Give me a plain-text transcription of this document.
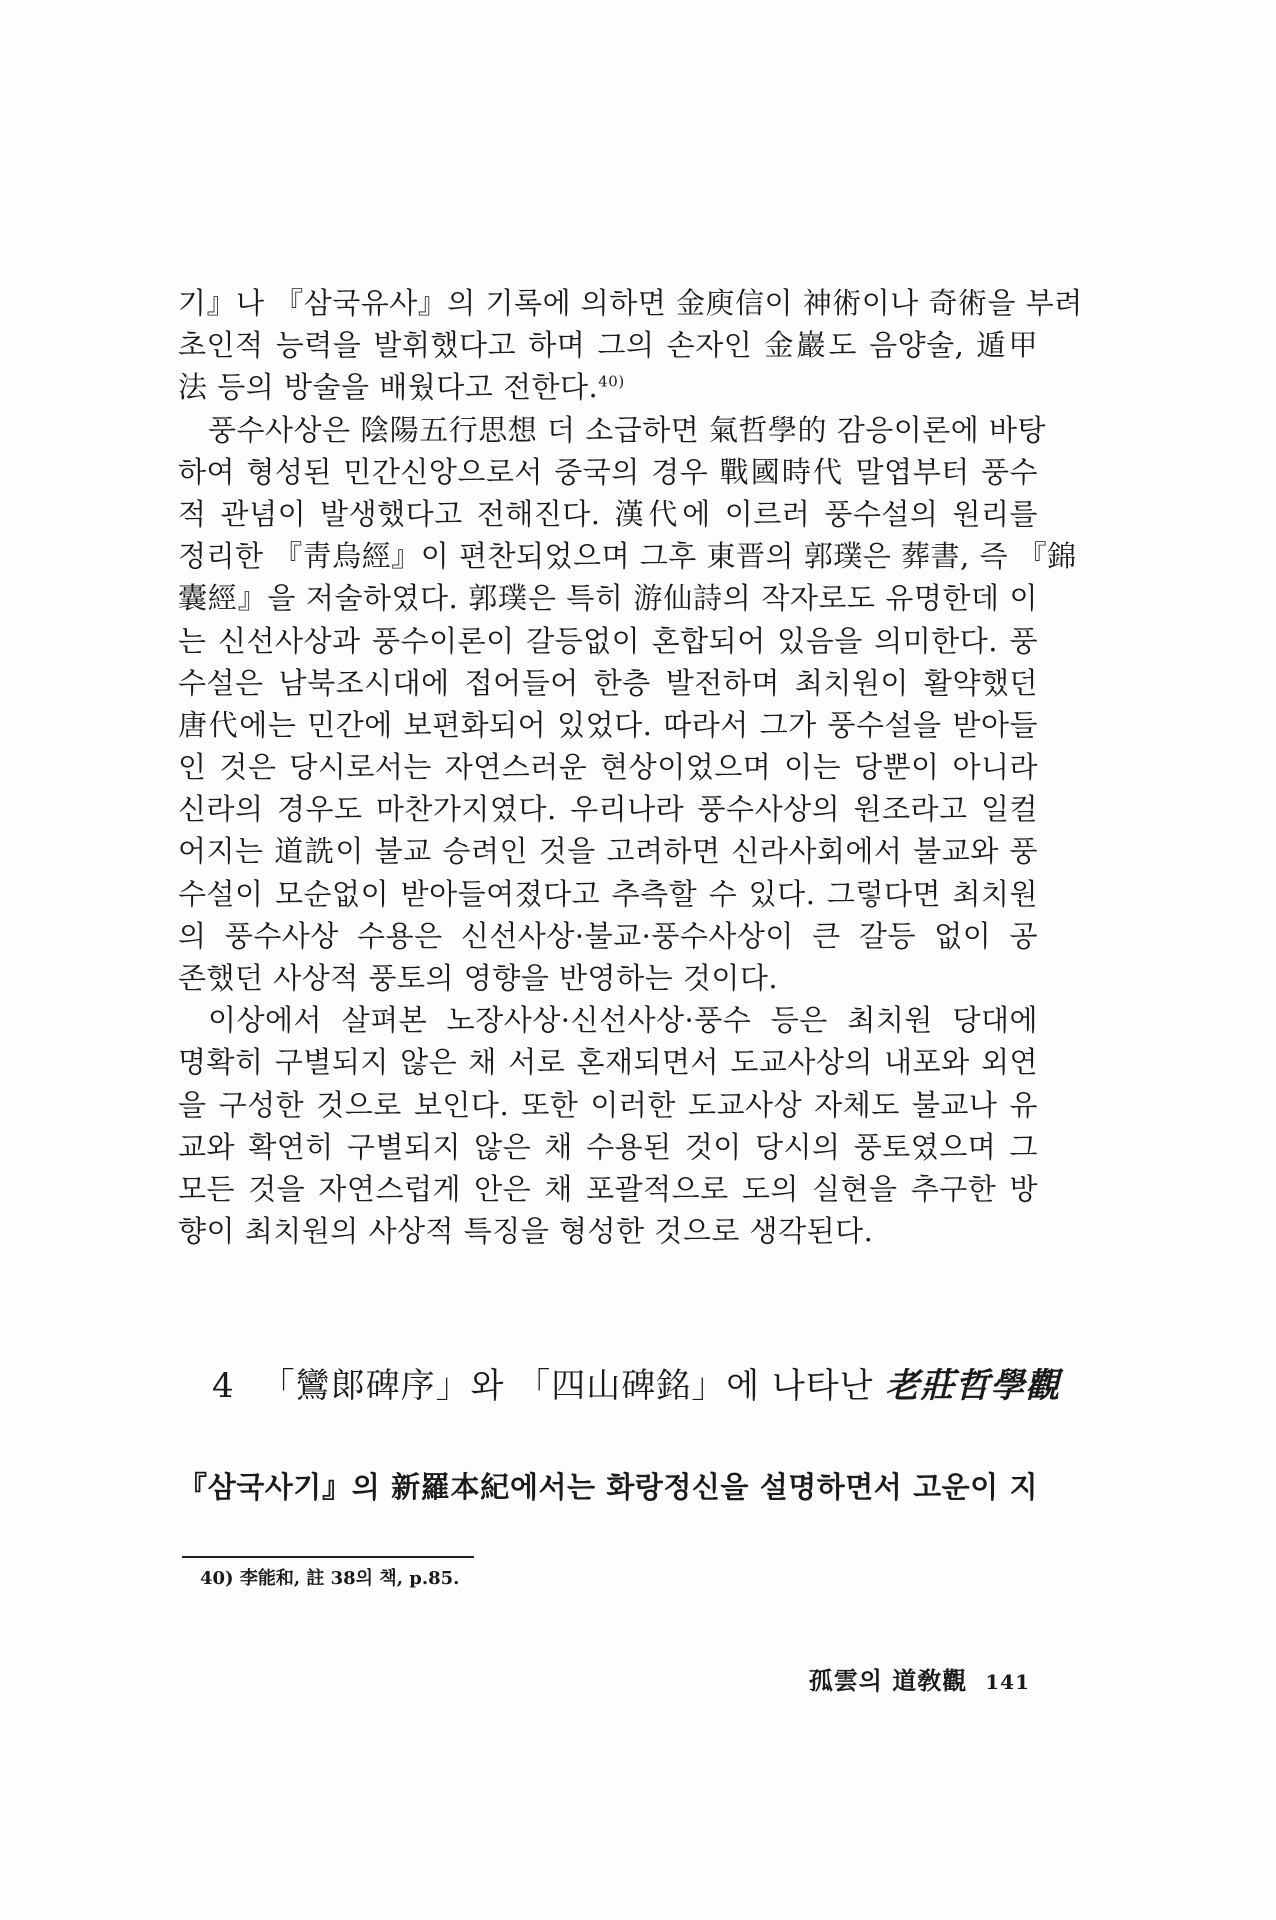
기』나 『삼국유사』의 기록에 의하면 金庾信이 神術이나 奇術을 부려
초인적 능력을 발휘했다고 하며 그의 손자인 金巖도 음양술, 遁甲
法 등의 방술을 배웠다고 전한다.$^{40)}$
풍수사상은 陰陽五行思想 더 소급하면 氣哲學的 감응이론에 바탕
하여 형성된 민간신앙으로서 중국의 경우 戰國時代 말엽부터 풍수
적 관념이 발생했다고 전해진다. 漢代에 이르러 풍수설의 원리를
정리한 『靑烏經』이 편찬되었으며 그후 東晋의 郭璞은 葬書, 즉 『錦
囊經』을 저술하였다. 郭璞은 특히 游仙詩의 작자로도 유명한데 이
는 신선사상과 풍수이론이 갈등없이 혼합되어 있음을 의미한다. 풍
수설은 남북조시대에 접어들어 한층 발전하며 최치원이 활약했던
唐代에는 민간에 보편화되어 있었다. 따라서 그가 풍수설을 받아들
인 것은 당시로서는 자연스러운 현상이었으며 이는 당뿐이 아니라
신라의 경우도 마찬가지였다. 우리나라 풍수사상의 원조라고 일컬
어지는 道詵이 불교 승려인 것을 고려하면 신라사회에서 불교와 풍
수설이 모순없이 받아들여졌다고 추측할 수 있다. 그렇다면 최치원
의 풍수사상 수용은 신선사상·불교·풍수사상이 큰 갈등 없이 공
존했던 사상적 풍토의 영향을 반영하는 것이다.
이상에서 살펴본 노장사상·신선사상·풍수 등은 최치원 당대에
명확히 구별되지 않은 채 서로 혼재되면서 도교사상의 내포와 외연
을 구성한 것으로 보인다. 또한 이러한 도교사상 자체도 불교나 유
교와 확연히 구별되지 않은 채 수용된 것이 당시의 풍토였으며 그
모든 것을 자연스럽게 안은 채 포괄적으로 도의 실현을 추구한 방
향이 최치원의 사상적 특징을 형성한 것으로 생각된다.
4 「鸞郞碑序」와 「四山碑銘」에 나타난 老莊哲學觀
『삼국사기』의 新羅本紀에서는 화랑정신을 설명하면서 고운이 지
40) 李能和, 註 38의 책, p.85.
孤雲의 道敎觀 141
